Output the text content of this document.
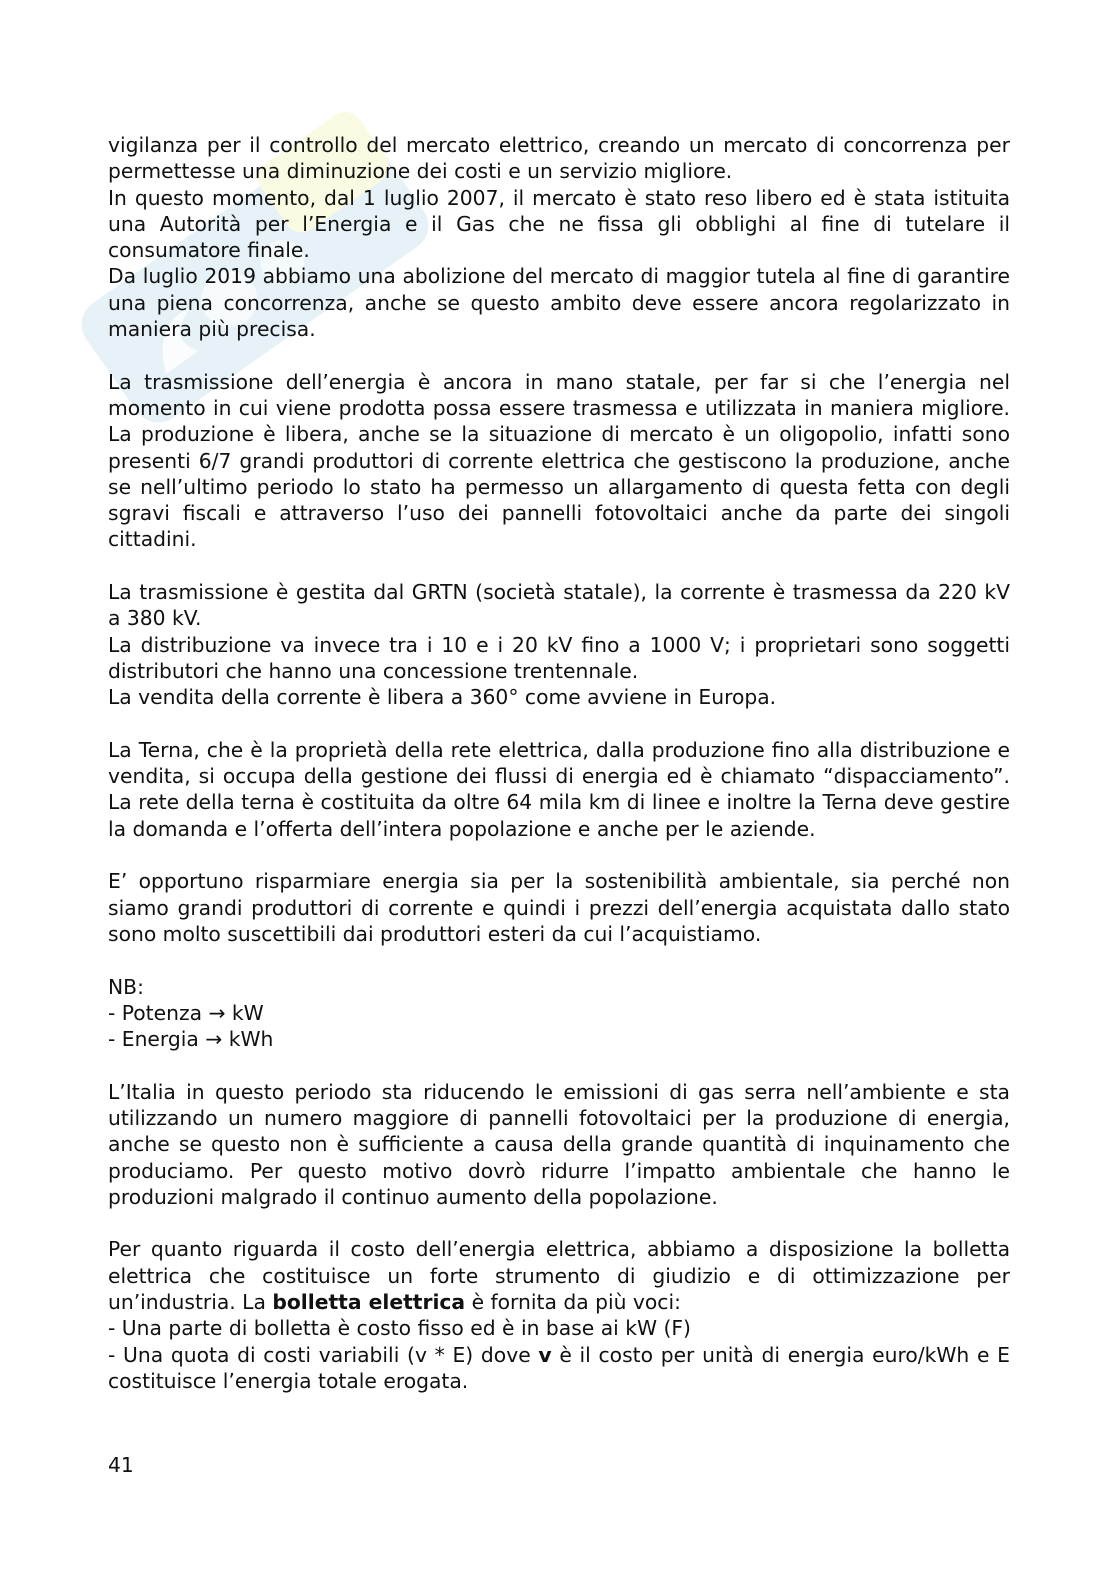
vigilanza per il controllo del mercato elettrico, creando un mercato di concorrenza per permettesse una diminuzione dei costi e un servizio migliore.

In questo momento, dal 1 luglio 2007, il mercato è stato reso libero ed è stata istituita una Autorità per l’Energia e il Gas che ne fissa gli obblighi al fine di tutelare il consumatore finale.

Da luglio 2019 abbiamo una abolizione del mercato di maggior tutela al fine di garantire una piena concorrenza, anche se questo ambito deve essere ancora regolarizzato in maniera più precisa.

La trasmissione dell’energia è ancora in mano statale, per far si che l’energia nel momento in cui viene prodotta possa essere trasmessa e utilizzata in maniera migliore. La produzione è libera, anche se la situazione di mercato è un oligopolio, infatti sono presenti 6/7 grandi produttori di corrente elettrica che gestiscono la produzione, anche se nell’ultimo periodo lo stato ha permesso un allargamento di questa fetta con degli sgravi fiscali e attraverso l’uso dei pannelli fotovoltaici anche da parte dei singoli cittadini.

La trasmissione è gestita dal GRTN (società statale), la corrente è trasmessa da 220 kV a 380 kV.

La distribuzione va invece tra i 10 e i 20 kV fino a 1000 V; i proprietari sono soggetti distributori che hanno una concessione trentennale.

La vendita della corrente è libera a 360° come avviene in Europa.

La Terna, che è la proprietà della rete elettrica, dalla produzione fino alla distribuzione e vendita, si occupa della gestione dei flussi di energia ed è chiamato “dispacciamento”. La rete della terna è costituita da oltre 64 mila km di linee e inoltre la Terna deve gestire la domanda e l’offerta dell’intera popolazione e anche per le aziende.

E’ opportuno risparmiare energia sia per la sostenibilità ambientale, sia perché non siamo grandi produttori di corrente e quindi i prezzi dell’energia acquistata dallo stato sono molto suscettibili dai produttori esteri da cui l’acquistiamo.

NB:

- Potenza → kW

- Energia → kWh

L’Italia in questo periodo sta riducendo le emissioni di gas serra nell’ambiente e sta utilizzando un numero maggiore di pannelli fotovoltaici per la produzione di energia, anche se questo non è sufficiente a causa della grande quantità di inquinamento che produciamo. Per questo motivo dovrò ridurre l’impatto ambientale che hanno le produzioni malgrado il continuo aumento della popolazione.

Per quanto riguarda il costo dell’energia elettrica, abbiamo a disposizione la bolletta elettrica che costituisce un forte strumento di giudizio e di ottimizzazione per un’industria. La bolletta elettrica è fornita da più voci:

- Una parte di bolletta è costo fisso ed è in base ai kW (F)

- Una quota di costi variabili (v * E) dove v è il costo per unità di energia euro/kWh e E costituisce l’energia totale erogata.

41
